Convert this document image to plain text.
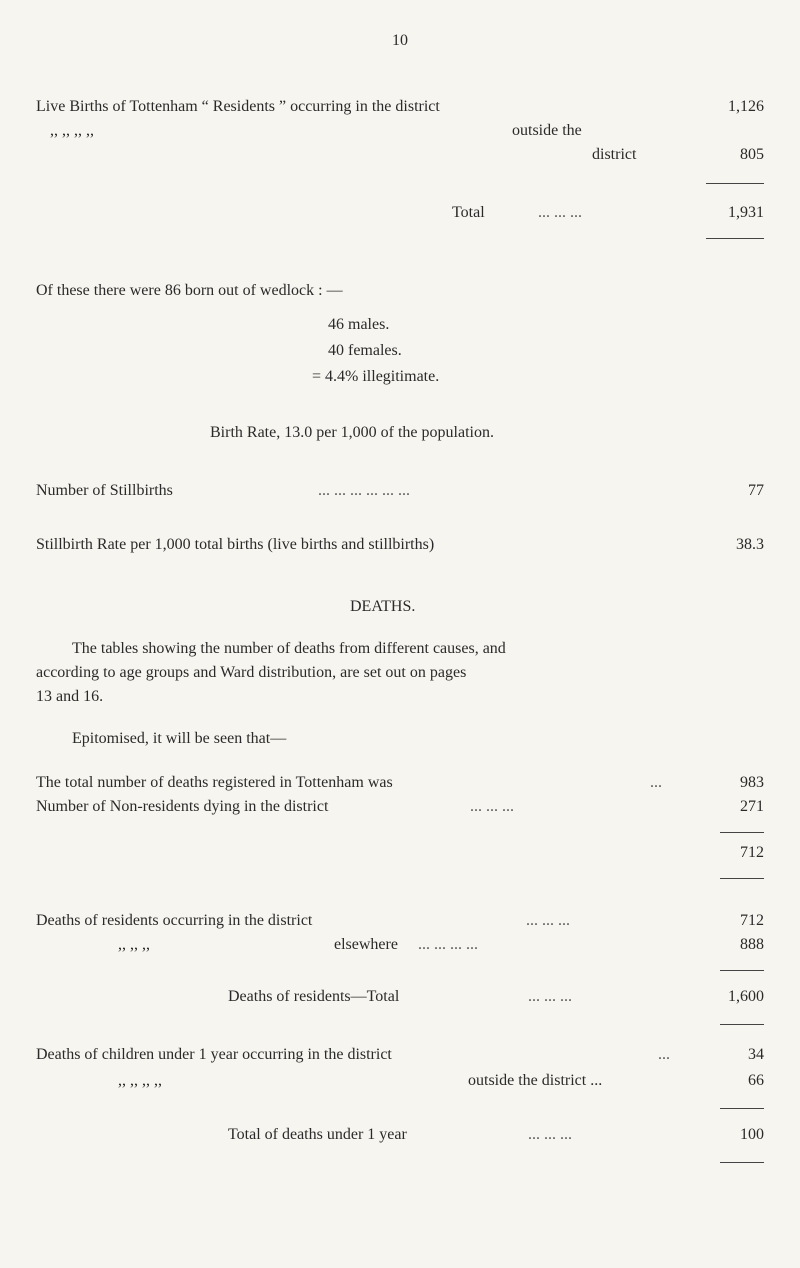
10
Live Births of Tottenham “ Residents ” occurring in the district	1,126
,, ,, ,, ,,	outside the
district	805
Total	... ... ...	1,931
Of these there were 86 born out of wedlock : —
46 males.
40 females.
= 4.4% illegitimate.
Birth Rate, 13.0 per 1,000 of the population.
Number of Stillbirths	... ... ... ... ... ...	77
Stillbirth Rate per 1,000 total births (live births and stillbirths)	38.3
DEATHS.
The tables showing the number of deaths from different causes, and
according to age groups and Ward distribution, are set out on pages
13 and 16.
Epitomised, it will be seen that—
The total number of deaths registered in Tottenham was	...	983
Number of Non-residents dying in the district	... ... ...	271
712
Deaths of residents occurring in the district	... ... ...	712
,, ,, ,,	elsewhere ... ... ... ...	888
Deaths of residents—Total	... ... ...	1,600
Deaths of children under 1 year occurring in the district	...	34
,, ,, ,, ,,	outside the district ...	66
Total of deaths under 1 year	... ... ...	100
